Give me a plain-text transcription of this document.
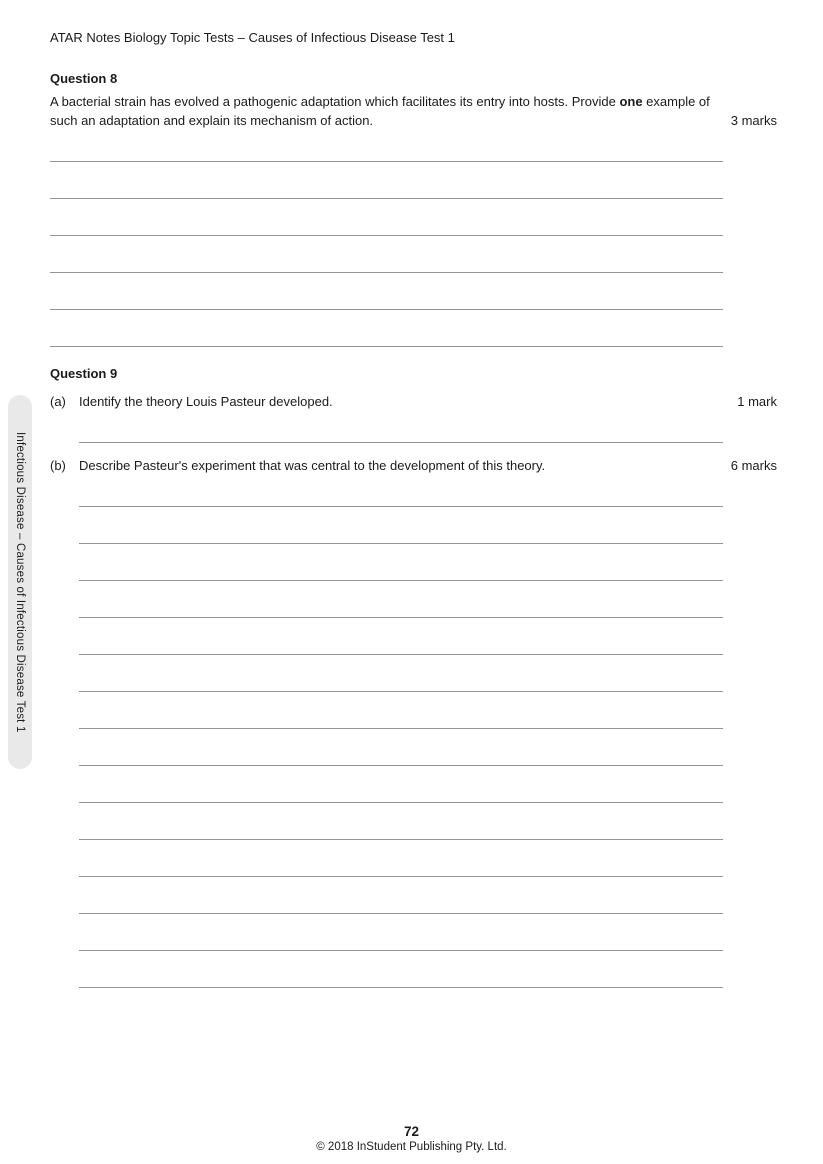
Infectious Disease – Causes of Infectious Disease Test 1
ATAR Notes Biology Topic Tests – Causes of Infectious Disease Test 1
Question 8

A bacterial strain has evolved a pathogenic adaptation which facilitates its entry into hosts. Provide one example of such an adaptation and explain its mechanism of action.	3 marks
Question 9
(a)	Identify the theory Louis Pasteur developed.	1 mark
(b)	Describe Pasteur's experiment that was central to the development of this theory.	6 marks
72
© 2018 InStudent Publishing Pty. Ltd.
